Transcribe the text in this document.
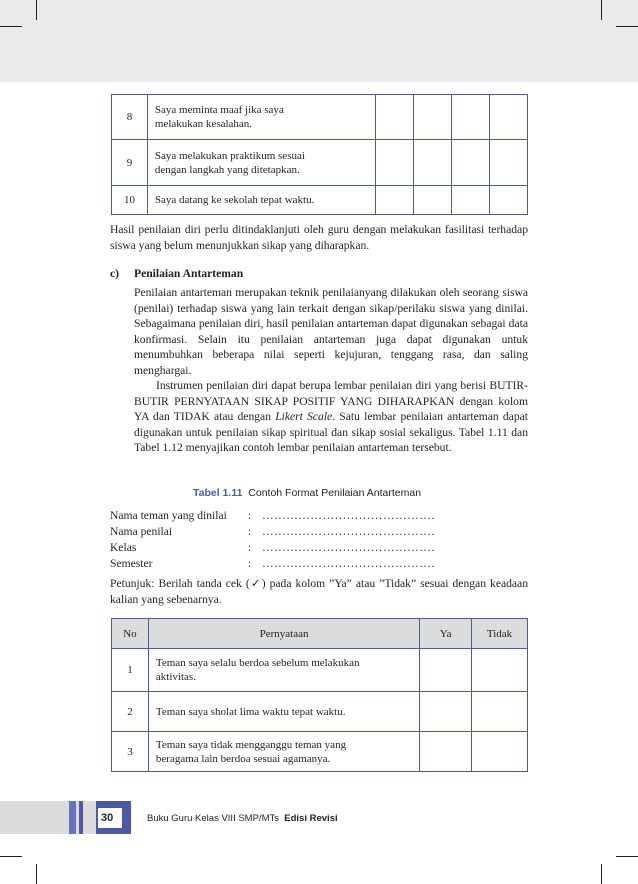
8	Saya meminta maaf jika saya
melakukan kesalahan.				
9	Saya melakukan praktikum sesuai
dengan langkah yang ditetapkan.				
10	Saya datang ke sekolah tepat waktu.				
Hasil penilaian diri perlu ditindaklanjuti oleh guru dengan melakukan fasilitasi terhadap siswa yang belum menunjukkan sikap yang diharapkan.
c) Penilaian Antarteman
Penilaian antarteman merupakan teknik penilaianyang dilakukan oleh seorang siswa (penilai) terhadap siswa yang lain terkait dengan sikap/perilaku siswa yang dinilai. Sebagaimana penilaian diri, hasil penilaian antarteman dapat digunakan sebagai data konfirmasi. Selain itu penilaian antarteman juga dapat digunakan untuk menumbuhkan beberapa nilai seperti kejujuran, tenggang rasa, dan saling menghargai.
Instrumen penilaian diri dapat berupa lembar penilaian diri yang berisi BUTIR-BUTIR PERNYATAAN SIKAP POSITIF YANG DIHARAPKAN dengan kolom YA dan TIDAK atau dengan Likert Scale. Satu lembar penilaian antarteman dapat digunakan untuk penilaian sikap spiritual dan sikap sosial sekaligus. Tabel 1.11 dan Tabel 1.12 menyajikan contoh lembar penilaian antarteman tersebut.
Tabel 1.11 Contoh Format Penilaian Antarteman
Nama teman yang dinilai : …………………………………….
Nama penilai	: …………………………………….
Kelas	: …………………………………….
Semester	: …………………………………….
Petunjuk: Berilah tanda cek (✓) pada kolom ”Ya” atau ”Tidak” sesuai dengan keadaan kalian yang sebenarnya.
No	Pernyataan	Ya	Tidak
1	Teman saya selalu berdoa sebelum melakukan
aktivitas.		
2	Teman saya sholat lima waktu tepat waktu.		
3	Teman saya tidak mengganggu teman yang
beragama lain berdoa sesuai agamanya.		
30	Buku Guru Kelas VIII SMP/MTs Edisi Revisi
